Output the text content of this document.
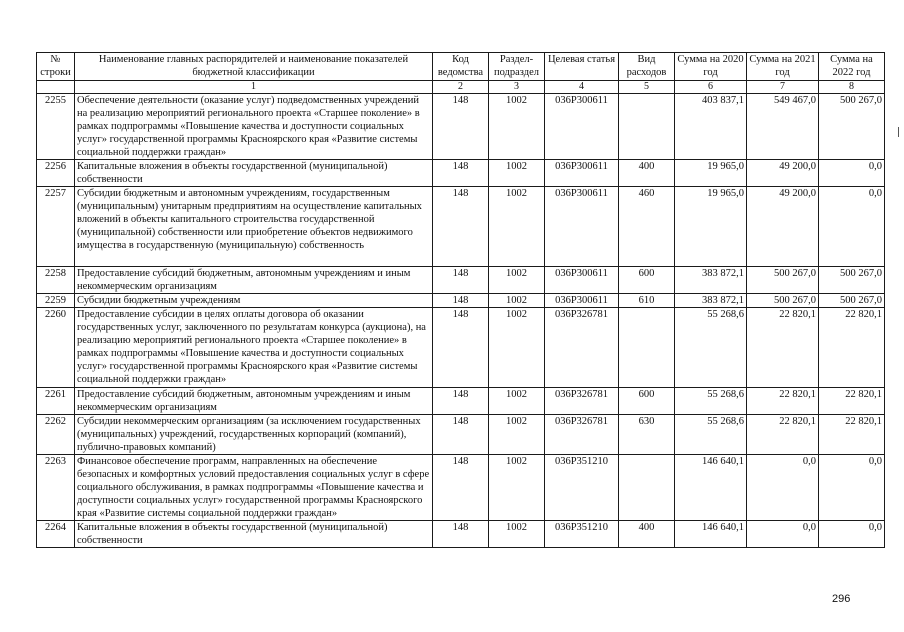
№ строки	Наименование главных распорядителей и наименование показателей бюджетной классификации	Код ведомства	Раздел-подраздел	Целевая статья	Вид расходов	Сумма на 2020 год	Сумма на 2021 год	Сумма на 2022 год
	1	2	3	4	5	6	7	8
2255	Обеспечение деятельности (оказание услуг) подведомственных учреждений на реализацию мероприятий регионального проекта «Старшее поколение» в рамках подпрограммы «Повышение качества и доступности социальных услуг» государственной программы Красноярского края «Развитие системы социальной поддержки граждан»	148	1002	036P300611		403 837,1	549 467,0	500 267,0
2256	Капитальные вложения в объекты государственной (муниципальной) собственности	148	1002	036P300611	400	19 965,0	49 200,0	0,0
2257	Субсидии бюджетным и автономным учреждениям, государственным (муниципальным) унитарным предприятиям на осуществление капитальных вложений в объекты капитального строительства государственной (муниципальной) собственности или приобретение объектов недвижимого имущества в государственную (муниципальную) собственность	148	1002	036P300611	460	19 965,0	49 200,0	0,0
2258	Предоставление субсидий бюджетным, автономным учреждениям и иным некоммерческим организациям	148	1002	036P300611	600	383 872,1	500 267,0	500 267,0
2259	Субсидии бюджетным учреждениям	148	1002	036P300611	610	383 872,1	500 267,0	500 267,0
2260	Предоставление субсидии в целях оплаты договора об оказании государственных услуг, заключенного по результатам конкурса (аукциона), на реализацию мероприятий регионального проекта «Старшее поколение» в рамках подпрограммы «Повышение качества и доступности социальных услуг» государственной программы Красноярского края «Развитие системы социальной поддержки граждан»	148	1002	036P326781		55 268,6	22 820,1	22 820,1
2261	Предоставление субсидий бюджетным, автономным учреждениям и иным некоммерческим организациям	148	1002	036P326781	600	55 268,6	22 820,1	22 820,1
2262	Субсидии некоммерческим организациям (за исключением государственных (муниципальных) учреждений, государственных корпораций (компаний), публично-правовых компаний)	148	1002	036P326781	630	55 268,6	22 820,1	22 820,1
2263	Финансовое обеспечение программ, направленных на обеспечение безопасных и комфортных условий предоставления социальных услуг в сфере социального обслуживания, в рамках подпрограммы «Повышение качества и доступности социальных услуг» государственной программы Красноярского края «Развитие системы социальной поддержки граждан»	148	1002	036P351210		146 640,1	0,0	0,0
2264	Капитальные вложения в объекты государственной (муниципальной) собственности	148	1002	036P351210	400	146 640,1	0,0	0,0
296
